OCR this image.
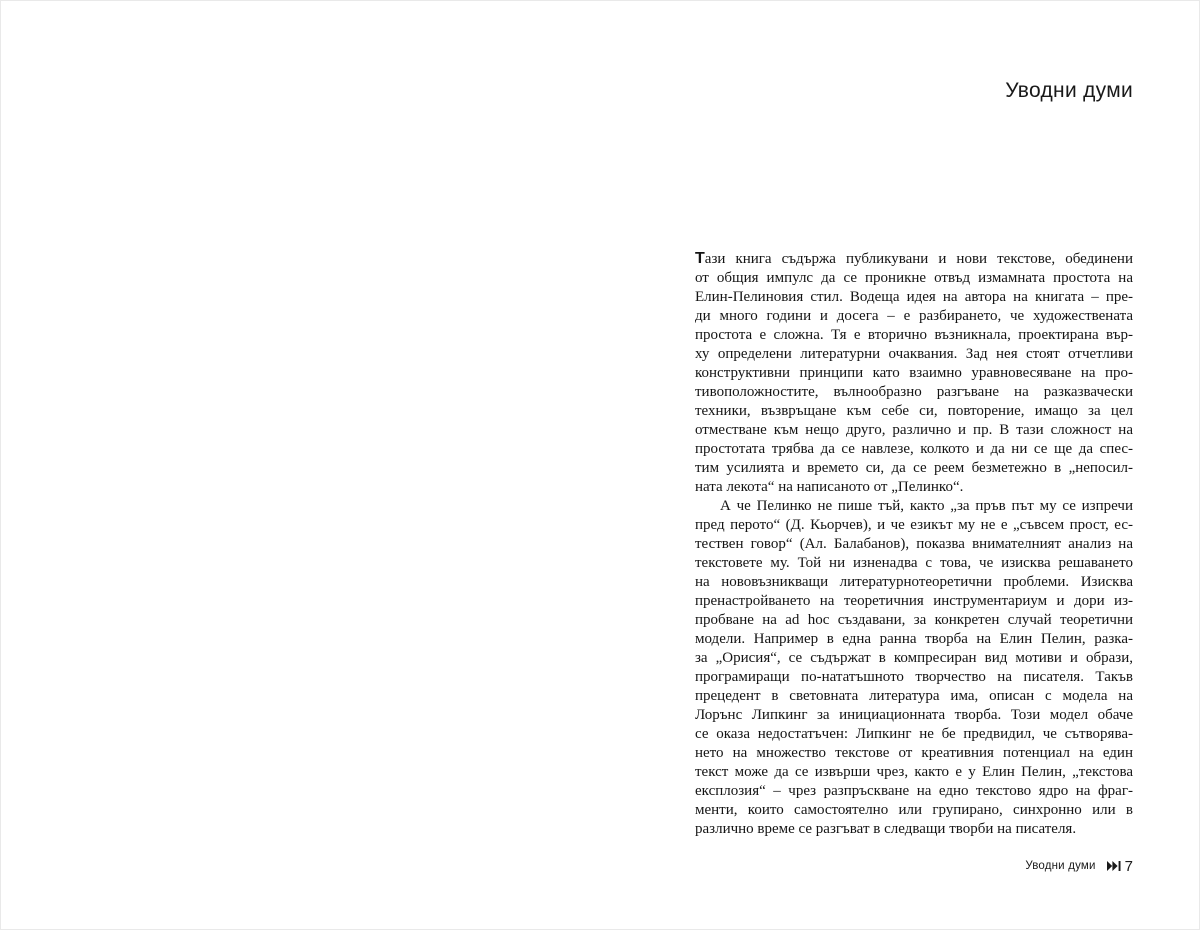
Уводни думи
Тази книга съдържа публикувани и нови текстове, обединени
от общия импулс да се проникне отвъд измамната простота на
Елин-Пелиновия стил. Водеща идея на автора на книгата – пре-
ди много години и досега – е разбирането, че художествената
простота е сложна. Тя е вторично възникнала, проектирана вър-
ху определени литературни очаквания. Зад нея стоят отчетливи
конструктивни принципи като взаимно уравновесяване на про-
тивоположностите, вълнообразно разгъване на разказвачески
техники, възвръщане към себе си, повторение, имащо за цел
отместване към нещо друго, различно и пр. В тази сложност на
простотата трябва да се навлезе, колкото и да ни се ще да спес-
тим усилията и времето си, да се реем безметежно в „непосил-
ната лекота“ на написаното от „Пелинко“.
А че Пелинко не пише тъй, както „за пръв път му се изпречи
пред перото“ (Д. Кьорчев), и че езикът му не е „съвсем прост, ес-
тествен говор“ (Ал. Балабанов), показва внимателният анализ на
текстовете му. Той ни изненадва с това, че изисква решаването
на нововъзникващи литературнотеоретични проблеми. Изисква
пренастройването на теоретичния инструментариум и дори из-
пробване на ad hoc създавани, за конкретен случай теоретични
модели. Например в една ранна творба на Елин Пелин, разка-
за „Орисия“, се съдържат в компресиран вид мотиви и образи,
програмиращи по-нататъшното творчество на писателя. Такъв
прецедент в световната литература има, описан с модела на
Лорънс Липкинг за инициационната творба. Този модел обаче
се оказа недостатъчен: Липкинг не бе предвидил, че сътворява-
нето на множество текстове от креативния потенциал на един
текст може да се извърши чрез, както е у Елин Пелин, „текстова
експлозия“ – чрез разпръскване на едно текстово ядро на фраг-
менти, които самостоятелно или групирано, синхронно или в
различно време се разгъват в следващи творби на писателя.
Уводни думи 7
